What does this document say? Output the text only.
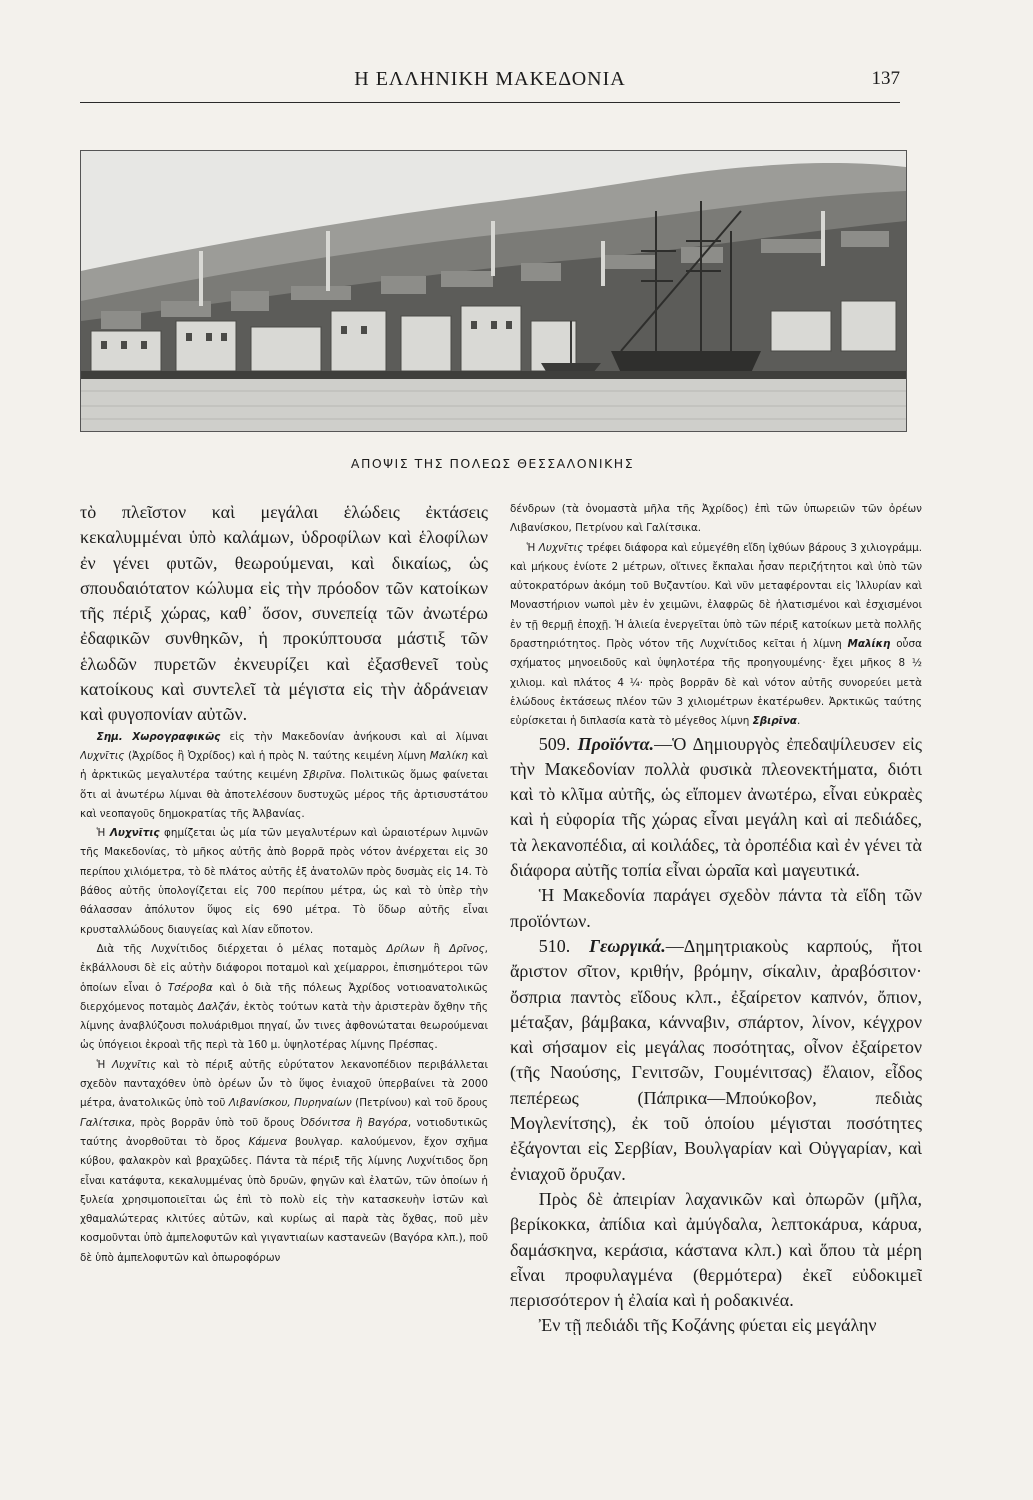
Η ΕΛΛΗΝΙΚΗ ΜΑΚΕΔΟΝΙΑ	137
ΑΠΟΨΙΣ ΤΗΣ ΠΟΛΕΩΣ ΘΕΣΣΑΛΟΝΙΚΗΣ

τὸ πλεῖστον καὶ μεγάλαι ἑλώδεις ἐκτάσεις κεκαλυμμέναι ὑπὸ καλάμων, ὑδροφίλων καὶ ἑλοφίλων ἐν γένει φυτῶν, θεωρούμεναι, καὶ δικαίως, ὡς σπουδαιότατον κώλυμα εἰς τὴν πρόοδον τῶν κατοίκων τῆς πέριξ χώρας, καθ᾽ ὅσον, συνεπείᾳ τῶν ἀνωτέρω ἐδαφικῶν συνθηκῶν, ἡ προκύπτουσα μάστιξ τῶν ἑλωδῶν πυρετῶν ἐκνευρίζει καὶ ἐξασθενεῖ τοὺς κατοίκους καὶ συντελεῖ τὰ μέγιστα εἰς τὴν ἀδράνειαν καὶ φυγοπονίαν αὐτῶν.

Σημ. Χωρογραφικῶς εἰς τὴν Μακεδονίαν ἀνήκουσι καὶ αἱ λίμναι Λυχνῖτις (Ἀχρίδος ἢ Ὀχρίδος) καὶ ἡ πρὸς Ν. ταύτης κειμένη λίμνη Μαλίκη καὶ ἡ ἀρκτικῶς μεγαλυτέρα ταύτης κειμένη Σβιρῖνα. Πολιτικῶς ὅμως φαίνεται ὅτι αἱ ἀνωτέρω λίμναι θὰ ἀποτελέσουν δυστυχῶς μέρος τῆς ἀρτισυστάτου καὶ νεοπαγοῦς δημοκρατίας τῆς Ἀλβανίας.

Ἡ Λυχνῖτις φημίζεται ὡς μία τῶν μεγαλυτέρων καὶ ὡραιοτέρων λιμνῶν τῆς Μακεδονίας, τὸ μῆκος αὐτῆς ἀπὸ βορρᾶ πρὸς νότον ἀνέρχεται εἰς 30 περίπου χιλιόμετρα, τὸ δὲ πλάτος αὐτῆς ἐξ ἀνατολῶν πρὸς δυσμὰς εἰς 14. Τὸ βάθος αὐτῆς ὑπολογίζεται εἰς 700 περίπου μέτρα, ὡς καὶ τὸ ὑπὲρ τὴν θάλασσαν ἀπόλυτον ὕψος εἰς 690 μέτρα. Τὸ ὕδωρ αὐτῆς εἶναι κρυσταλλώδους διαυγείας καὶ λίαν εὔποτον.

Διὰ τῆς Λυχνίτιδος διέρχεται ὁ μέλας ποταμὸς Δρίλων ἢ Δρῖνος, ἐκβάλλουσι δὲ εἰς αὐτὴν διάφοροι ποταμοὶ καὶ χείμαρροι, ἐπισημότεροι τῶν ὁποίων εἶναι ὁ Τσέροβα καὶ ὁ διὰ τῆς πόλεως Ἀχρίδος νοτιοανατολικῶς διερχόμενος ποταμὸς Δαλζάν, ἐκτὸς τούτων κατὰ τὴν ἀριστερὰν ὄχθην τῆς λίμνης ἀναβλύζουσι πολυάριθμοι πηγαί, ὧν τινες ἀφθονώταται θεωρούμεναι ὡς ὑπόγειοι ἐκροαὶ τῆς περὶ τὰ 160 μ. ὑψηλοτέρας λίμνης Πρέσπας.

Ἡ Λυχνῖτις καὶ τὸ πέριξ αὐτῆς εὐρύτατον λεκανοπέδιον περιβάλλεται σχεδὸν πανταχόθεν ὑπὸ ὀρέων ὧν τὸ ὕψος ἐνιαχοῦ ὑπερβαίνει τὰ 2000 μέτρα, ἀνατολικῶς ὑπὸ τοῦ Λιβανίσκου, Πυρηναίων (Πετρίνου) καὶ τοῦ ὄρους Γαλίτσικα, πρὸς βορρᾶν ὑπὸ τοῦ ὄρους Ὀδόνιτσα ἢ Βαγόρα, νοτιοδυτικῶς ταύτης ἀνορθοῦται τὸ ὄρος Κάμενα βουλγαρ. καλούμενον, ἔχον σχῆμα κύβου, φαλακρὸν καὶ βραχῶδες. Πάντα τὰ πέριξ τῆς λίμνης Λυχνίτιδος ὄρη εἶναι κατάφυτα, κεκαλυμμένας ὑπὸ δρυῶν, φηγῶν καὶ ἐλατῶν, τῶν ὁποίων ἡ ξυλεία χρησιμοποιεῖται ὡς ἐπὶ τὸ πολὺ εἰς τὴν κατασκευὴν ἱστῶν καὶ χθαμαλώτερας κλιτύες αὐτῶν, καὶ κυρίως αἱ παρὰ τὰς ὄχθας, ποῦ μὲν κοσμοῦνται ὑπὸ ἀμπελοφυτῶν καὶ γιγαντιαίων καστανεῶν (Βαγόρα κλπ.), ποῦ δὲ ὑπὸ ἀμπελοφυτῶν καὶ ὀπωροφόρων

δένδρων (τὰ ὀνομαστὰ μῆλα τῆς Ἀχρίδος) ἐπὶ τῶν ὑπωρειῶν τῶν ὀρέων Λιβανίσκου, Πετρίνου καὶ Γαλίτσικα.

Ἡ Λυχνῖτις τρέφει διάφορα καὶ εὐμεγέθη εἴδη ἰχθύων βάρους 3 χιλιογράμμ. καὶ μήκους ἐνίοτε 2 μέτρων, οἵτινες ἔκπαλαι ἦσαν περιζήτητοι καὶ ὑπὸ τῶν αὐτοκρατόρων ἀκόμη τοῦ Βυζαντίου. Καὶ νῦν μεταφέρονται εἰς Ἰλλυρίαν καὶ Μοναστήριον νωποὶ μὲν ἐν χειμῶνι, ἐλαφρῶς δὲ ἡλατισμένοι καὶ ἐσχισμένοι ἐν τῇ θερμῇ ἐποχῇ. Ἡ ἁλιεία ἐνεργεῖται ὑπὸ τῶν πέριξ κατοίκων μετὰ πολλῆς δραστηριότητος. Πρὸς νότον τῆς Λυχνίτιδος κεῖται ἡ λίμνη Μαλίκη οὖσα σχήματος μηνοειδοῦς καὶ ὑψηλοτέρα τῆς προηγουμένης· ἔχει μῆκος 8 ½ χιλιομ. καὶ πλάτος 4 ¼· πρὸς βορρᾶν δὲ καὶ νότον αὐτῆς συνορεύει μετὰ ἑλώδους ἐκτάσεως πλέον τῶν 3 χιλιομέτρων ἑκατέρωθεν. Ἀρκτικῶς ταύτης εὑρίσκεται ἡ διπλασία κατὰ τὸ μέγεθος λίμνη Σβιρῖνα.

509. Προϊόντα.—Ὁ Δημιουργὸς ἐπεδαψίλευσεν εἰς τὴν Μακεδονίαν πολλὰ φυσικὰ πλεονεκτήματα, διότι καὶ τὸ κλῖμα αὐτῆς, ὡς εἴπομεν ἀνωτέρω, εἶναι εὐκραὲς καὶ ἡ εὐφορία τῆς χώρας εἶναι μεγάλη καὶ αἱ πεδιάδες, τὰ λεκανοπέδια, αἱ κοιλάδες, τὰ ὀροπέδια καὶ ἐν γένει τὰ διάφορα αὐτῆς τοπία εἶναι ὡραῖα καὶ μαγευτικά.

Ἡ Μακεδονία παράγει σχεδὸν πάντα τὰ εἴδη τῶν προϊόντων.

510. Γεωργικά.—Δημητριακοὺς καρπούς, ἤτοι ἄριστον σῖτον, κριθήν, βρόμην, σίκαλιν, ἀραβόσιτον· ὄσπρια παντὸς εἴδους κλπ., ἐξαίρετον καπνόν, ὄπιον, μέταξαν, βάμβακα, κάνναβιν, σπάρτον, λίνον, κέγχρον καὶ σήσαμον εἰς μεγάλας ποσότητας, οἶνον ἐξαίρετον (τῆς Ναούσης, Γενιτσῶν, Γουμένιτσας) ἔλαιον, εἶδος πεπέρεως (Πάπρικα—Μπούκοβον, πεδιὰς Μογλενίτσης), ἐκ τοῦ ὁποίου μέγισται ποσότητες ἐξάγονται εἰς Σερβίαν, Βουλγαρίαν καὶ Οὐγγαρίαν, καὶ ἐνιαχοῦ ὄρυζαν.

Πρὸς δὲ ἀπειρίαν λαχανικῶν καὶ ὀπωρῶν (μῆλα, βερίκοκκα, ἀπίδια καὶ ἀμύγδαλα, λεπτοκάρυα, κάρυα, δαμάσκηνα, κεράσια, κάστανα κλπ.) καὶ ὅπου τὰ μέρη εἶναι προφυλαγμένα (θερμότερα) ἐκεῖ εὐδοκιμεῖ περισσότερον ἡ ἐλαία καὶ ἡ ροδακινέα.

Ἐν τῇ πεδιάδι τῆς Κοζάνης φύεται εἰς μεγάλην
